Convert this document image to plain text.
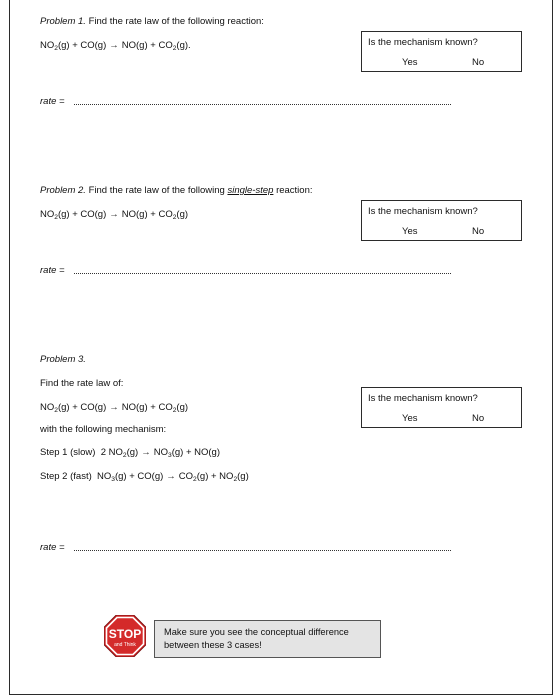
Problem 1. Find the rate law of the following reaction:
$NO_2(g) + CO(g) \to NO(g) + CO_2(g)$.	Is the mechanism known?
Yes	No
rate =
Problem 2. Find the rate law of the following single-step reaction:
$NO_2(g) + CO(g) \to NO(g) + CO_2(g)$	Is the mechanism known?
Yes	No
rate =
Problem 3.
Find the rate law of:
$NO_2(g) + CO(g) \to NO(g) + CO_2(g)$
with the following mechanism:
Step 1 (slow) 2 $NO_2(g) \to NO_3(g) + NO(g)$
Step 2 (fast) $NO_3(g) + CO(g) \to CO_2(g) + NO_2(g)$
Is the mechanism known?
Yes	No
rate =
STOP
and Think
Make sure you see the conceptual difference
between these 3 cases!
